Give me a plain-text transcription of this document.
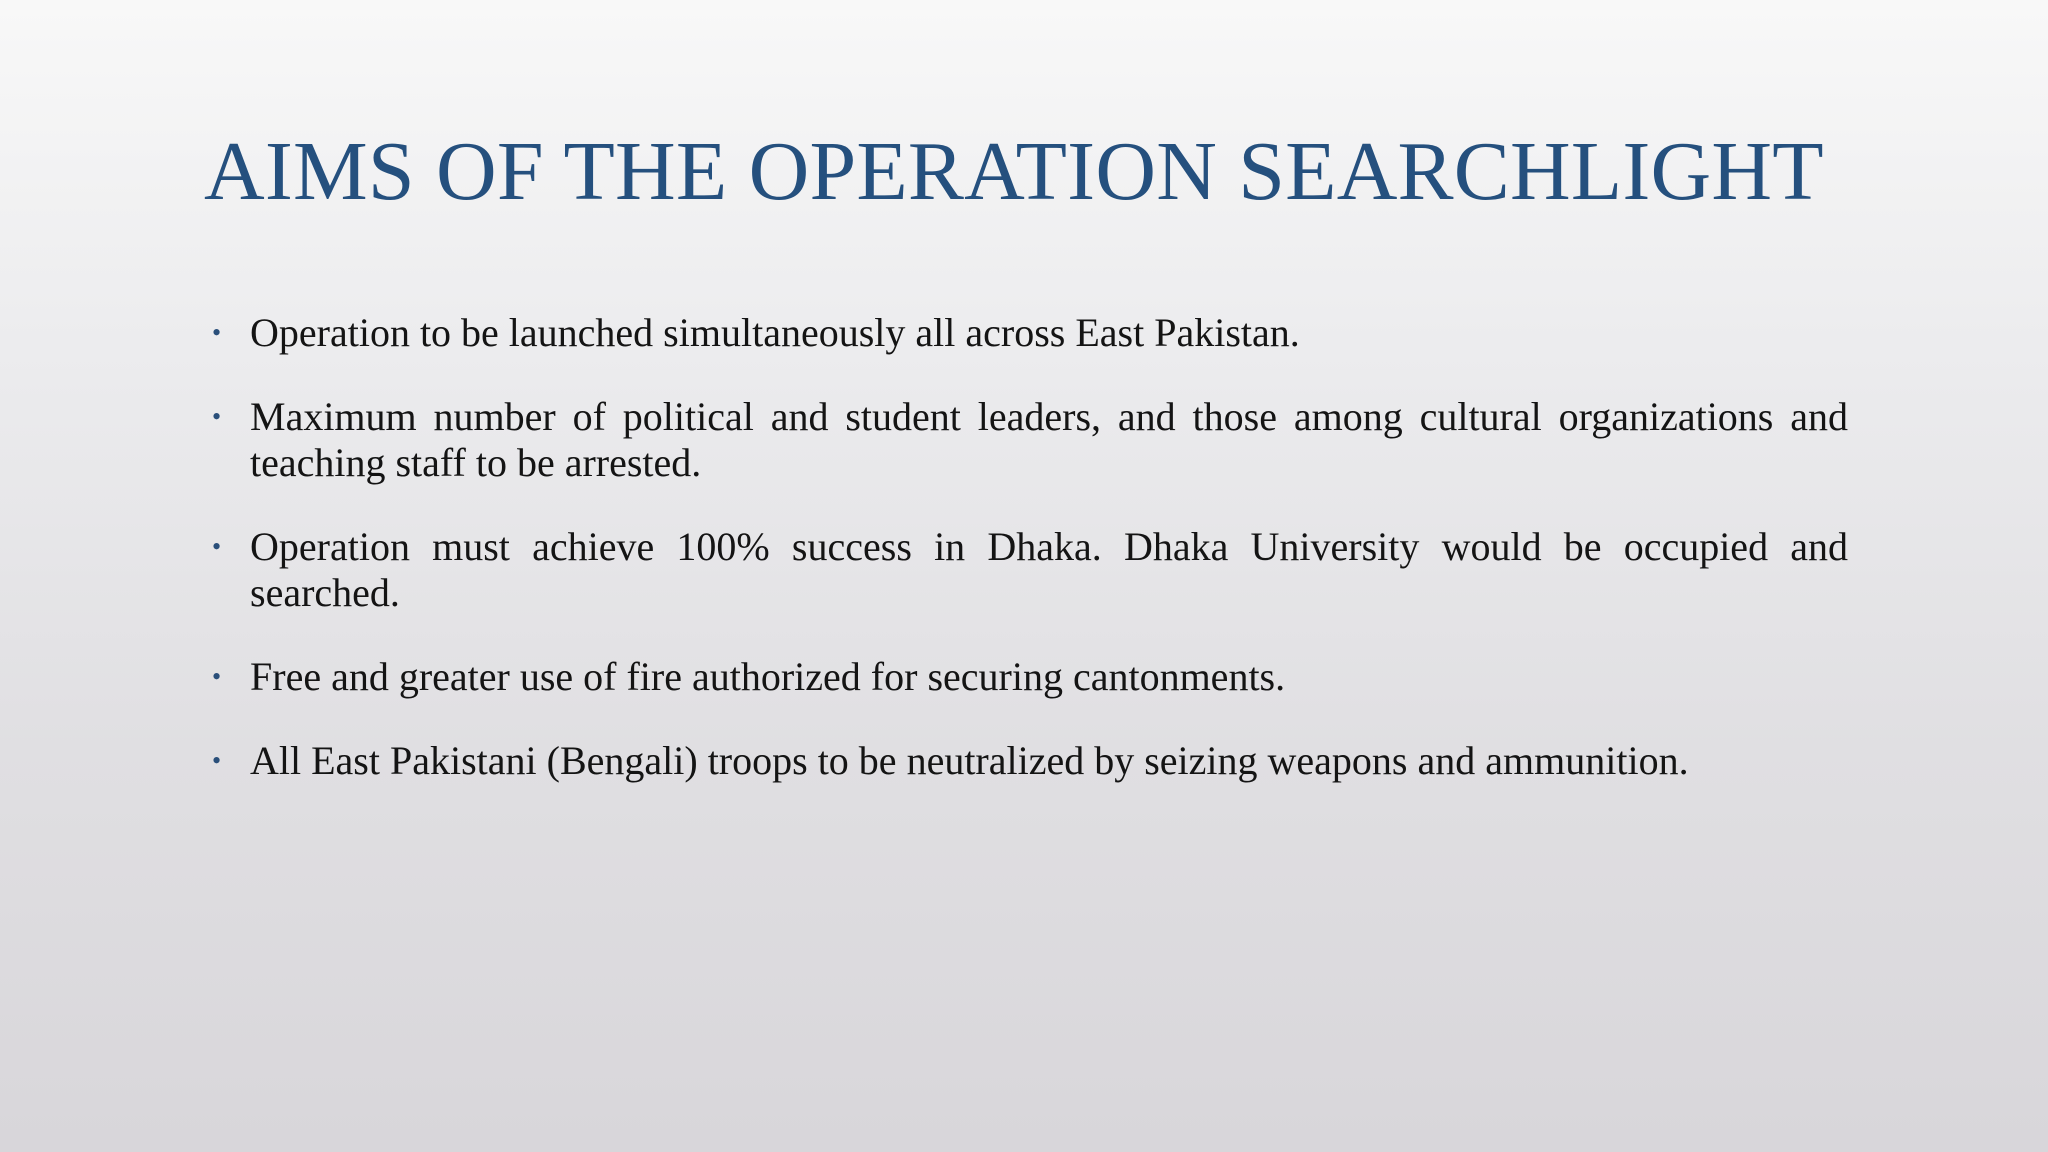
AIMS OF THE OPERATION SEARCHLIGHT
• Operation to be launched simultaneously all across East Pakistan.
• Maximum number of political and student leaders, and those among cultural organizations and teaching staff to be arrested.
• Operation must achieve 100% success in Dhaka. Dhaka University would be occupied and searched.
• Free and greater use of fire authorized for securing cantonments.
• All East Pakistani (Bengali) troops to be neutralized by seizing weapons and ammunition.
